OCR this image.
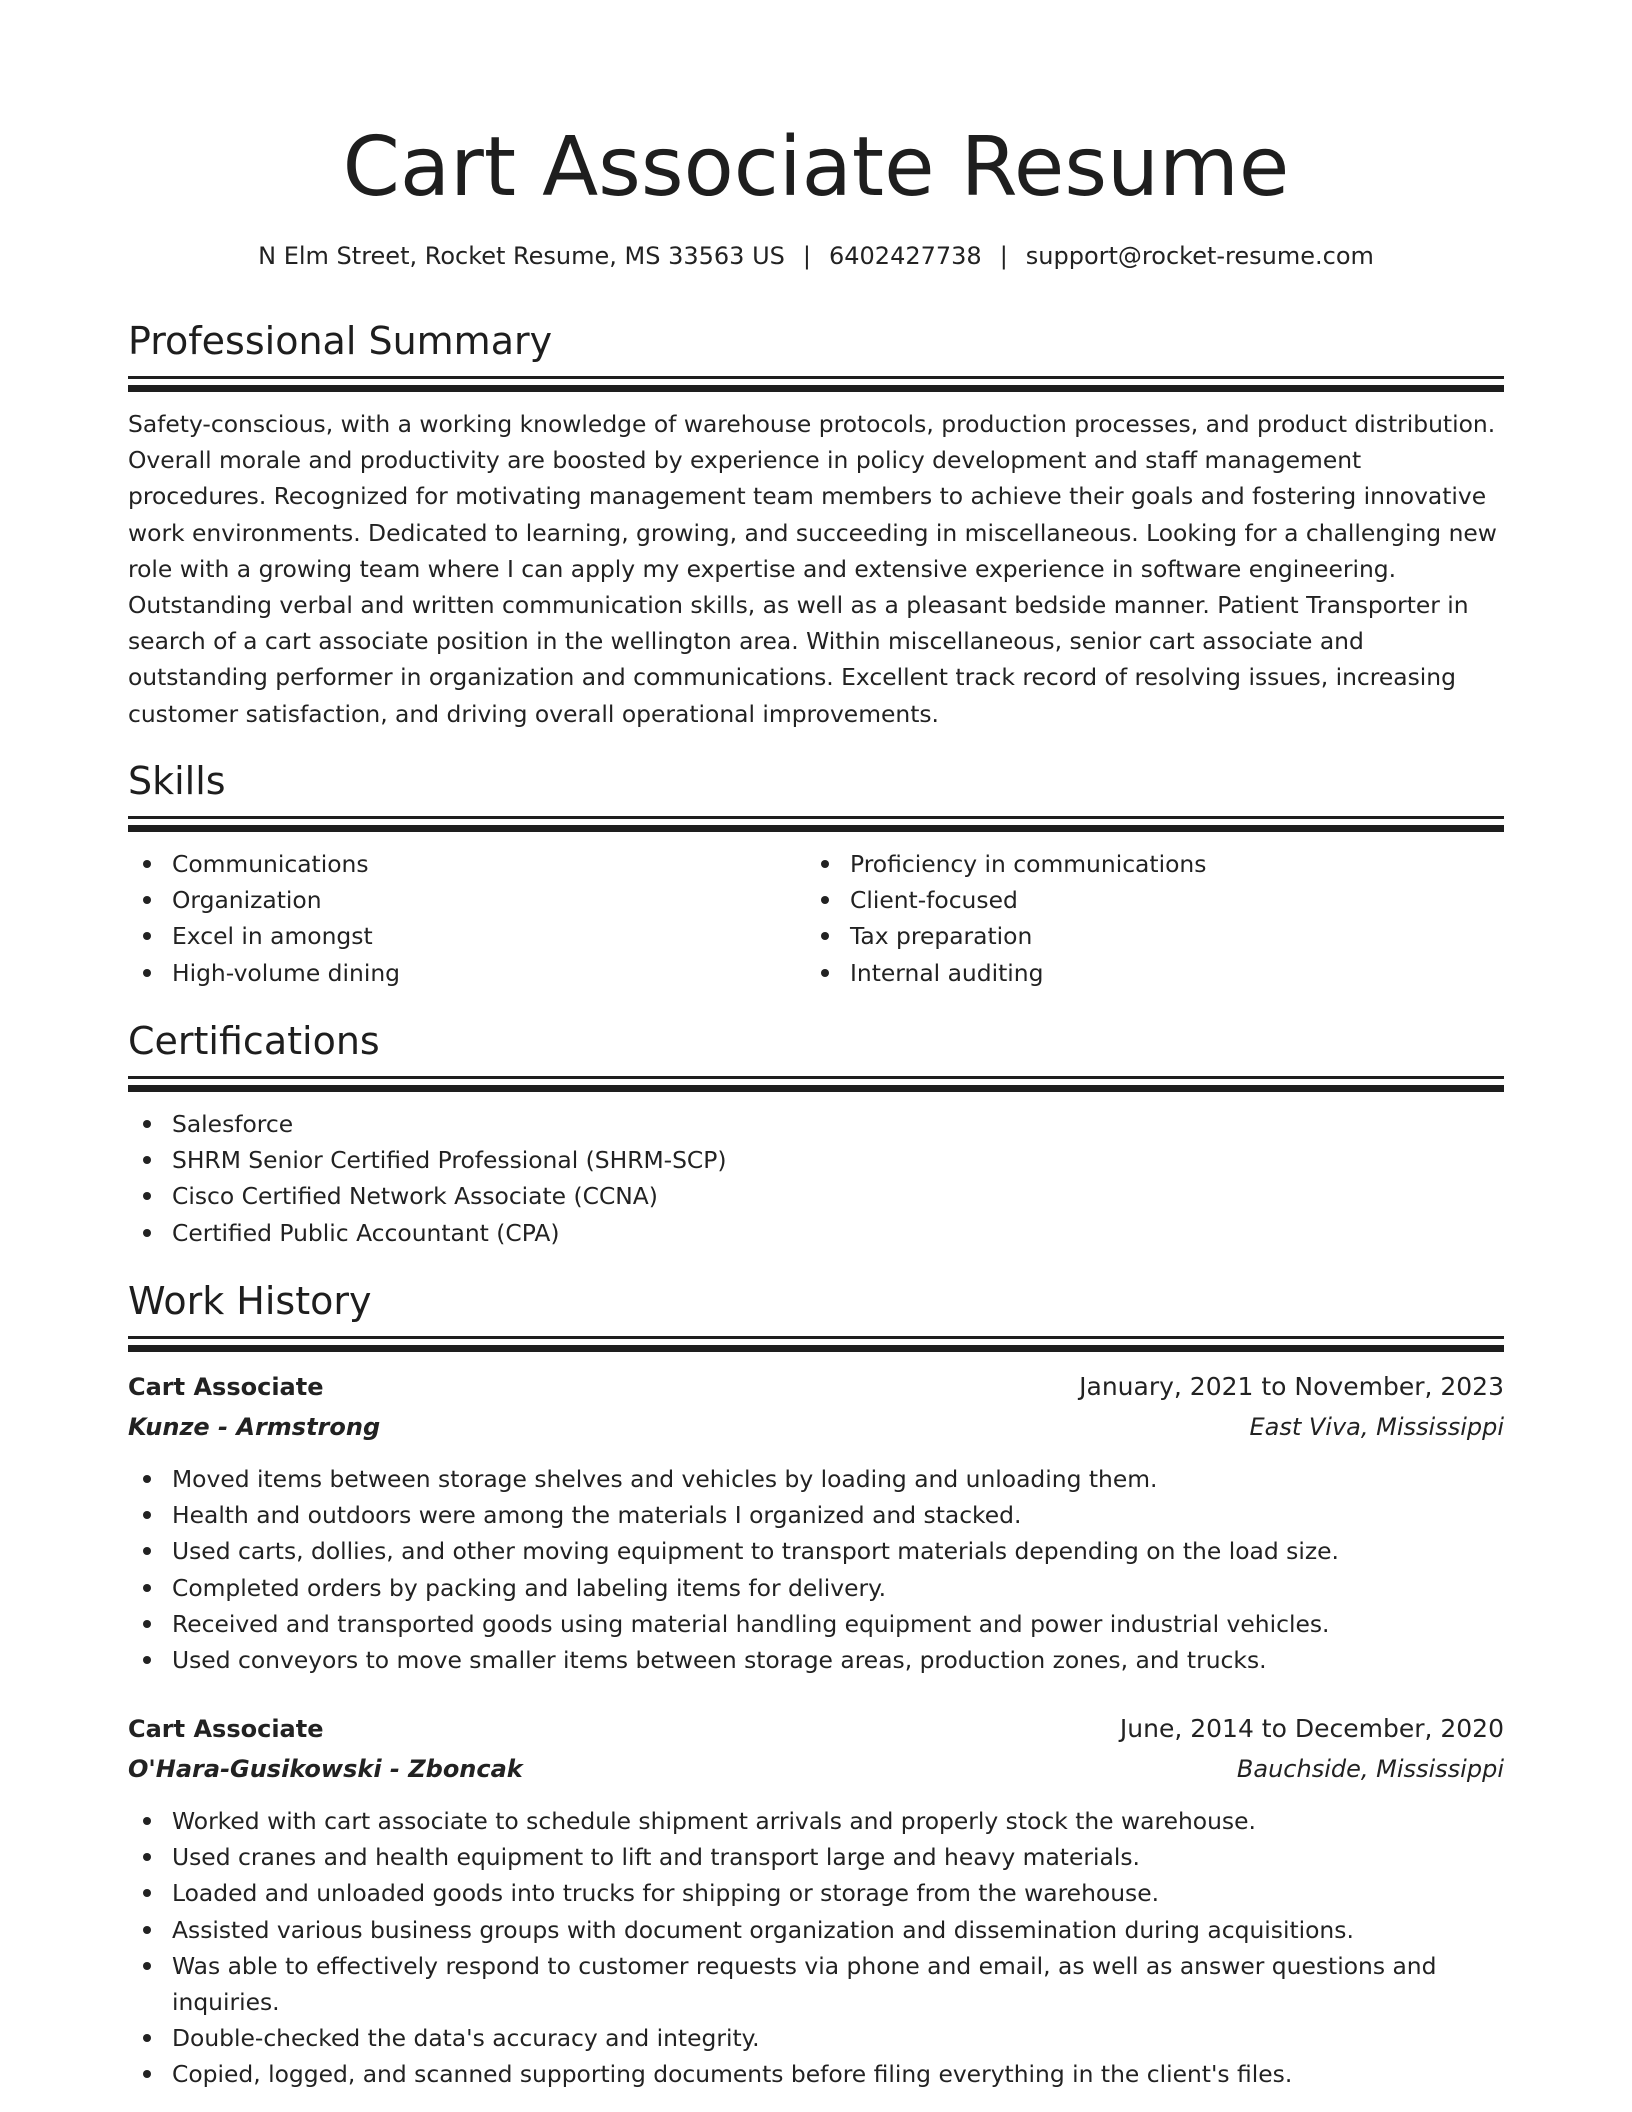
Cart Associate Resume
N Elm Street, Rocket Resume, MS 33563 US | 6402427738 | support@rocket-resume.com
Professional Summary
Safety-conscious, with a working knowledge of warehouse protocols, production processes, and product distribution. Overall morale and productivity are boosted by experience in policy development and staff management procedures. Recognized for motivating management team members to achieve their goals and fostering innovative work environments. Dedicated to learning, growing, and succeeding in miscellaneous. Looking for a challenging new role with a growing team where I can apply my expertise and extensive experience in software engineering. Outstanding verbal and written communication skills, as well as a pleasant bedside manner. Patient Transporter in search of a cart associate position in the wellington area. Within miscellaneous, senior cart associate and outstanding performer in organization and communications. Excellent track record of resolving issues, increasing customer satisfaction, and driving overall operational improvements.
Skills
Communications
Organization
Excel in amongst
High-volume dining
Proficiency in communications
Client-focused
Tax preparation
Internal auditing
Certifications
Salesforce
SHRM Senior Certified Professional (SHRM-SCP)
Cisco Certified Network Associate (CCNA)
Certified Public Accountant (CPA)
Work History
Cart Associate	January, 2021 to November, 2023
Kunze - Armstrong	East Viva, Mississippi
Moved items between storage shelves and vehicles by loading and unloading them.
Health and outdoors were among the materials I organized and stacked.
Used carts, dollies, and other moving equipment to transport materials depending on the load size.
Completed orders by packing and labeling items for delivery.
Received and transported goods using material handling equipment and power industrial vehicles.
Used conveyors to move smaller items between storage areas, production zones, and trucks.
Cart Associate	June, 2014 to December, 2020
O'Hara-Gusikowski - Zboncak	Bauchside, Mississippi
Worked with cart associate to schedule shipment arrivals and properly stock the warehouse.
Used cranes and health equipment to lift and transport large and heavy materials.
Loaded and unloaded goods into trucks for shipping or storage from the warehouse.
Assisted various business groups with document organization and dissemination during acquisitions.
Was able to effectively respond to customer requests via phone and email, as well as answer questions and inquiries.
Double-checked the data's accuracy and integrity.
Copied, logged, and scanned supporting documents before filing everything in the client's files.
